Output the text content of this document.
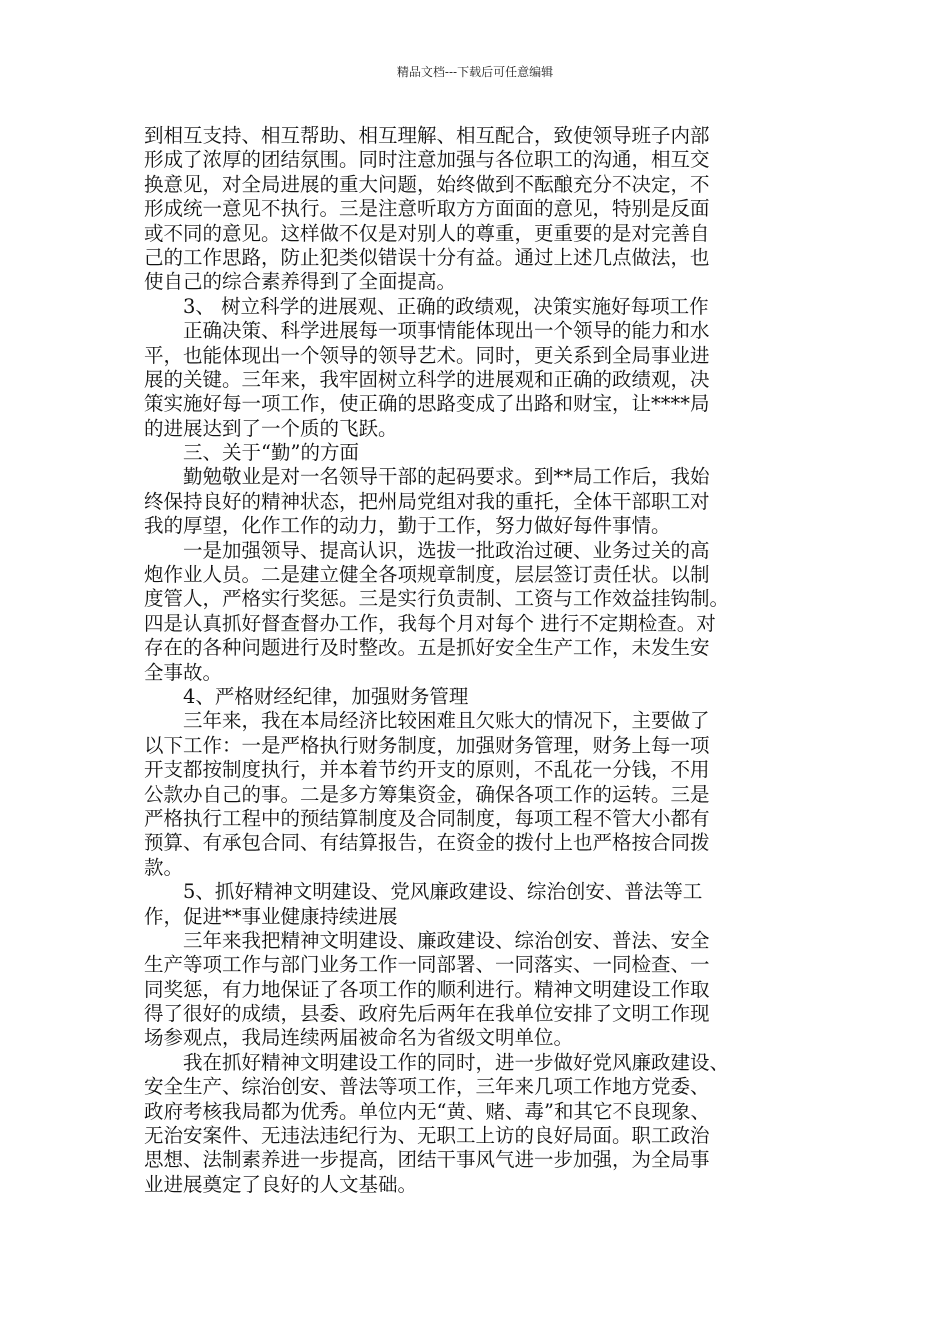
精品文档---下载后可任意编辑
到相互支持、相互帮助、相互理解、相互配合，致使领导班子内部
形成了浓厚的团结氛围。同时注意加强与各位职工的沟通，相互交
换意见，对全局进展的重大问题，始终做到不酝酿充分不决定，不
形成统一意见不执行。三是注意听取方方面面的意见，特别是反面
或不同的意见。这样做不仅是对别人的尊重，更重要的是对完善自
己的工作思路，防止犯类似错误十分有益。通过上述几点做法，也
使自己的综合素养得到了全面提高。
　　3、 树立科学的进展观、正确的政绩观，决策实施好每项工作
　　正确决策、科学进展每一项事情能体现出一个领导的能力和水
平，也能体现出一个领导的领导艺术。同时，更关系到全局事业进
展的关键。三年来，我牢固树立科学的进展观和正确的政绩观，决
策实施好每一项工作，使正确的思路变成了出路和财宝，让****局
的进展达到了一个质的飞跃。
　　三、关于“勤”的方面
　　勤勉敬业是对一名领导干部的起码要求。到**局工作后，我始
终保持良好的精神状态，把州局党组对我的重托，全体干部职工对
我的厚望，化作工作的动力，勤于工作，努力做好每件事情。
　　一是加强领导、提高认识，选拔一批政治过硬、业务过关的高
炮作业人员。二是建立健全各项规章制度，层层签订责任状。以制
度管人，严格实行奖惩。三是实行负责制、工资与工作效益挂钩制。
四是认真抓好督查督办工作，我每个月对每个 进行不定期检查。对
存在的各种问题进行及时整改。五是抓好安全生产工作，未发生安
全事故。
　　4、严格财经纪律，加强财务管理
　　三年来，我在本局经济比较困难且欠账大的情况下，主要做了
以下工作：一是严格执行财务制度，加强财务管理，财务上每一项
开支都按制度执行，并本着节约开支的原则，不乱花一分钱，不用
公款办自己的事。二是多方筹集资金，确保各项工作的运转。三是
严格执行工程中的预结算制度及合同制度，每项工程不管大小都有
预算、有承包合同、有结算报告，在资金的拨付上也严格按合同拨
款。
　　5、抓好精神文明建设、党风廉政建设、综治创安、普法等工
作，促进**事业健康持续进展
　　三年来我把精神文明建设、廉政建设、综治创安、普法、安全
生产等项工作与部门业务工作一同部署、一同落实、一同检查、一
同奖惩，有力地保证了各项工作的顺利进行。精神文明建设工作取
得了很好的成绩，县委、政府先后两年在我单位安排了文明工作现
场参观点，我局连续两届被命名为省级文明单位。
　　我在抓好精神文明建设工作的同时，进一步做好党风廉政建设、
安全生产、综治创安、普法等项工作，三年来几项工作地方党委、
政府考核我局都为优秀。单位内无“黄、赌、毒”和其它不良现象、
无治安案件、无违法违纪行为、无职工上访的良好局面。职工政治
思想、法制素养进一步提高，团结干事风气进一步加强，为全局事
业进展奠定了良好的人文基础。
